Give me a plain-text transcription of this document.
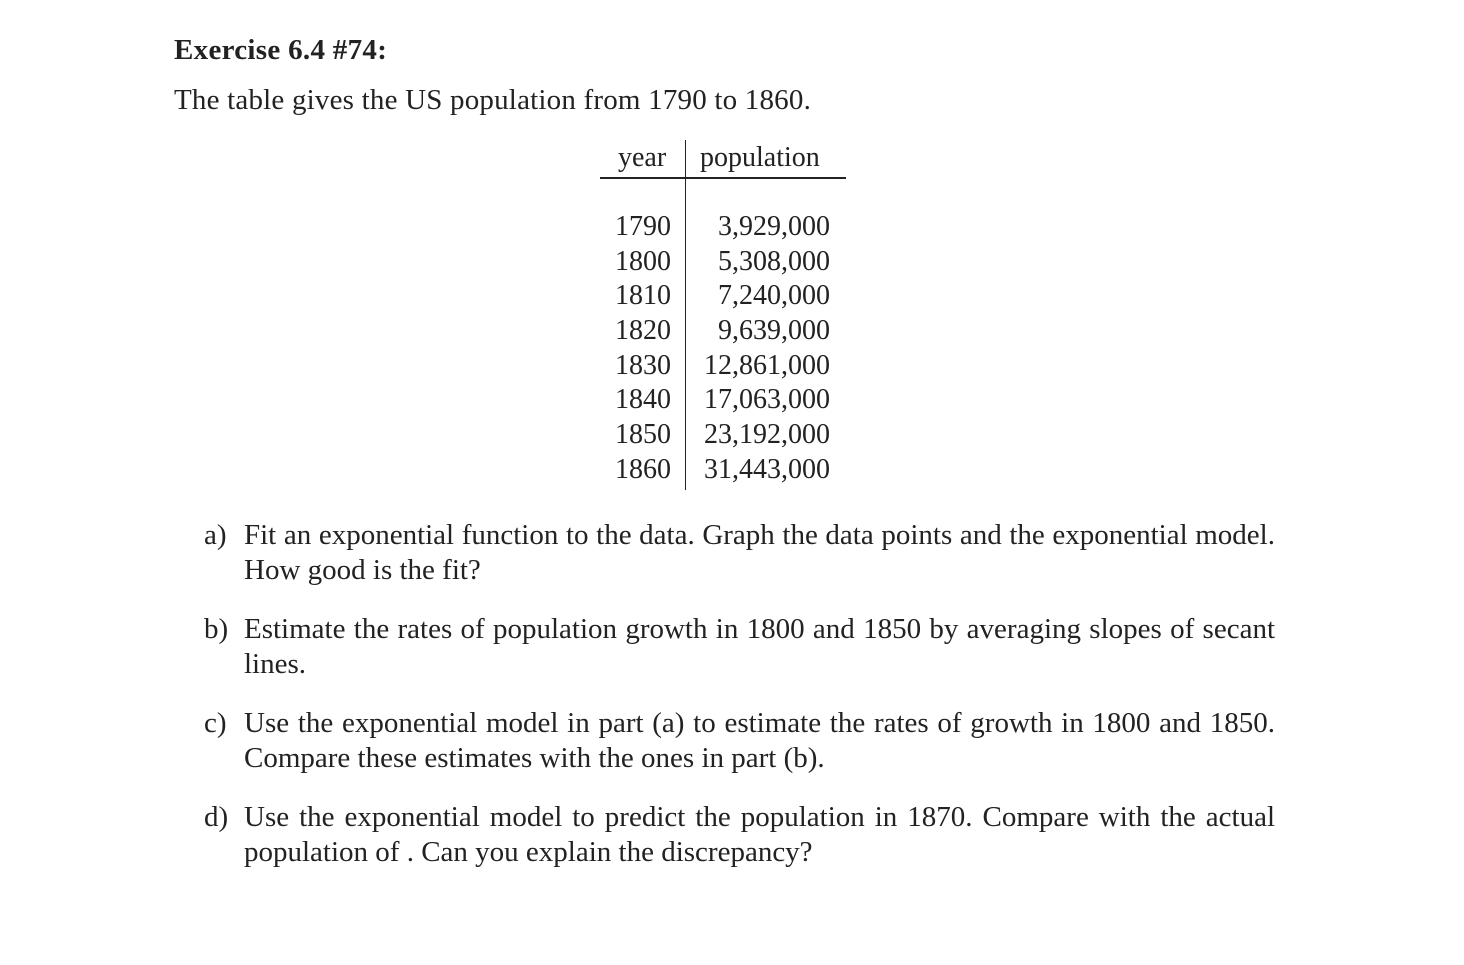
Exercise 6.4 #74:
The table gives the US population from 1790 to 1860.
year population
1790 3,929,000
1800 5,308,000
1810 7,240,000
1820 9,639,000
1830 12,861,000
1840 17,063,000
1850 23,192,000
1860 31,443,000
a) Fit an exponential function to the data. Graph the data points and the exponential model. How good is the fit?
b) Estimate the rates of population growth in 1800 and 1850 by averaging slopes of secant lines.
c) Use the exponential model in part (a) to estimate the rates of growth in 1800 and 1850. Compare these estimates with the ones in part (b).
d) Use the exponential model to predict the population in 1870. Compare with the actual population of . Can you explain the discrepancy?
